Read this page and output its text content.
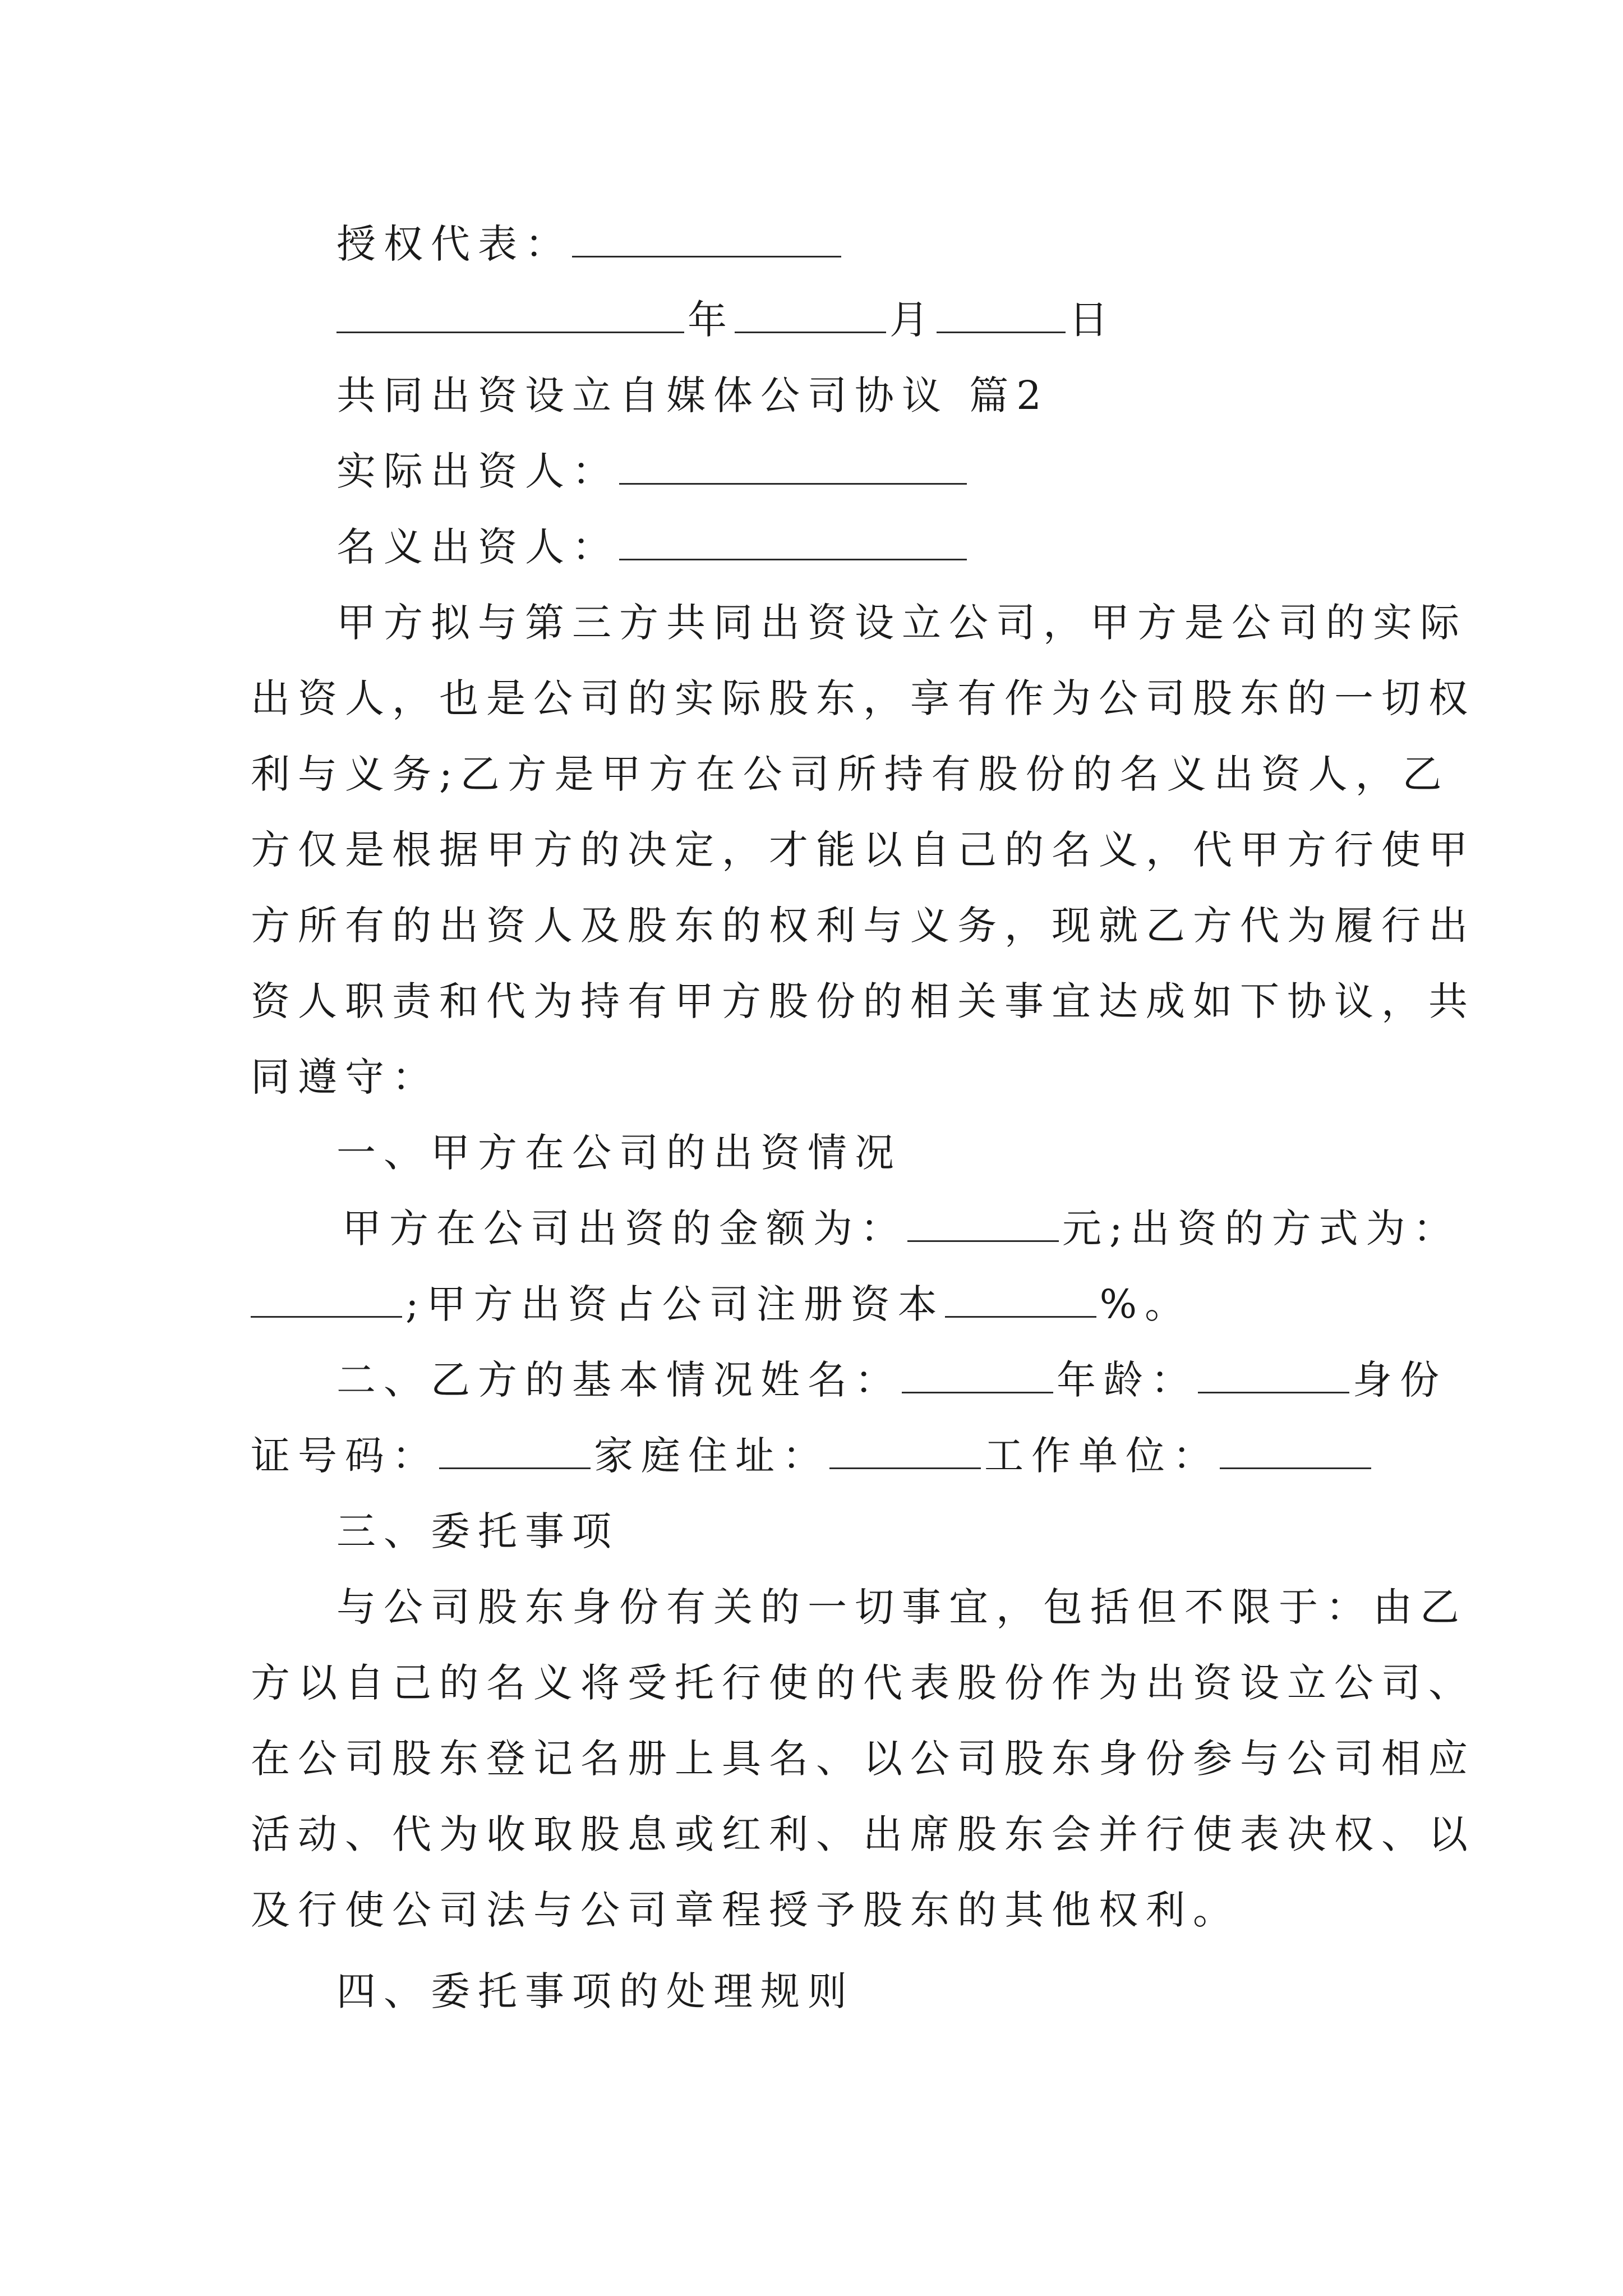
授权代表：
年	月	日
共同出资设立自媒体公司协议 篇2
实际出资人：
名义出资人：
甲方拟与第三方共同出资设立公司，甲方是公司的实际
出资人，也是公司的实际股东，享有作为公司股东的一切权
利与义务;乙方是甲方在公司所持有股份的名义出资人，乙
方仅是根据甲方的决定，才能以自己的名义，代甲方行使甲
方所有的出资人及股东的权利与义务，现就乙方代为履行出
资人职责和代为持有甲方股份的相关事宜达成如下协议，共
同遵守：
一、甲方在公司的出资情况
甲方在公司出资的金额为：	元;出资的方式为：
;甲方出资占公司注册资本	%。
二、乙方的基本情况姓名：	年龄：	身份
证号码：	家庭住址：	工作单位：
三、委托事项
与公司股东身份有关的一切事宜，包括但不限于：由乙
方以自己的名义将受托行使的代表股份作为出资设立公司、
在公司股东登记名册上具名、以公司股东身份参与公司相应
活动、代为收取股息或红利、出席股东会并行使表决权、以
及行使公司法与公司章程授予股东的其他权利。
四、委托事项的处理规则
